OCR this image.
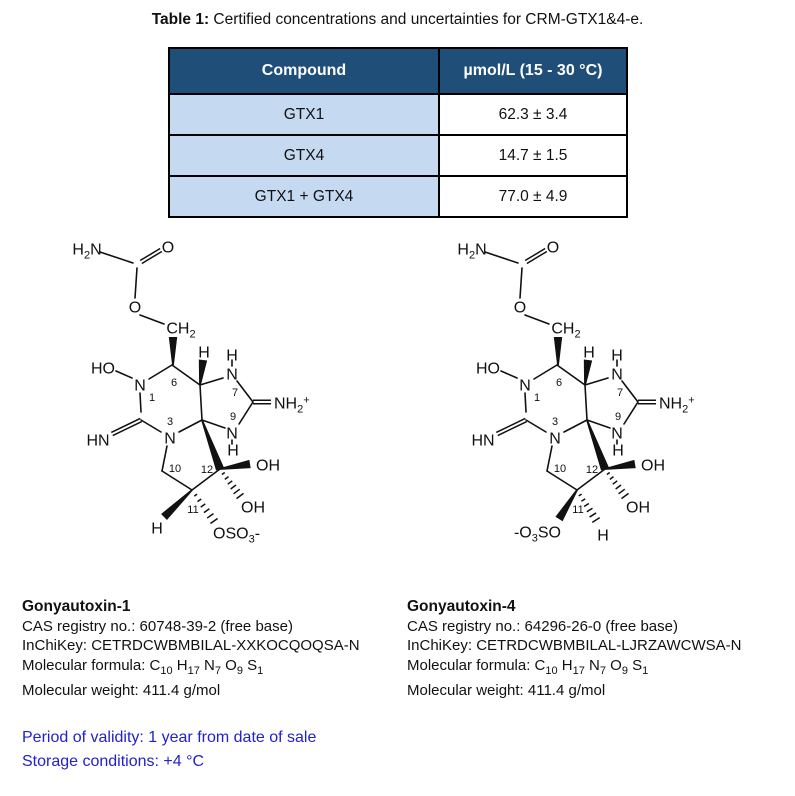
Table 1: Certified concentrations and uncertainties for CRM-GTX1&4-e.
Compound	µmol/L (15 - 30 °C)
GTX1	62.3 ± 3.4
GTX4	14.7 ± 1.5
GTX1 + GTX4	77.0 ± 4.9
$H_2N$	O
O
$CH_2$
HO
N
H H
N
$NH_2^+$
HN	N	N
H
OH
OH
H	$OSO_3-$
1
6
3
7
9
10
11
12
$H_2N$	O
O
$CH_2$
HO
N
H H
N
$NH_2^+$
HN	N	N
H
OH
OH
$-O_3SO$ H
1
6
3
7
9
10
11
12
Gonyautoxin-1
CAS registry no.: 60748-39-2 (free base)
InChiKey: CETRDCWBMBILAL-XXKOCQOQSA-N
Molecular formula: $C_{10}$ $H_{17}$ $N_7$ $O_9$ $S_1$
Molecular weight: 411.4 g/mol
Gonyautoxin-4
CAS registry no.: 64296-26-0 (free base)
InChiKey: CETRDCWBMBILAL-LJRZAWCWSA-N
Molecular formula: $C_{10}$ $H_{17}$ $N_7$ $O_9$ $S_1$
Molecular weight: 411.4 g/mol
Period of validity: 1 year from date of sale
Storage conditions: +4 °C
